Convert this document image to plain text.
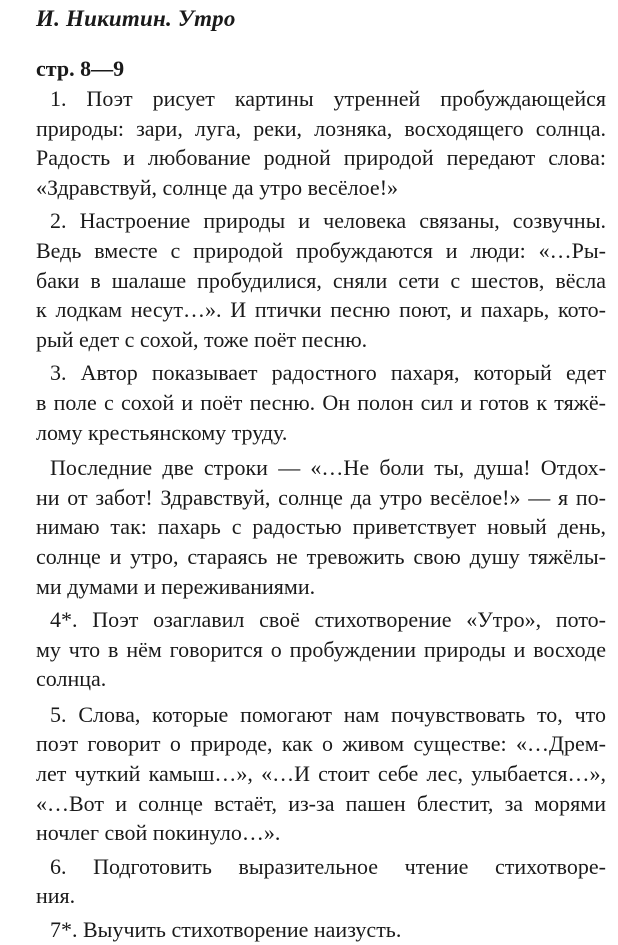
И. Никитин. Утро
стр. 8—9
1. Поэт рисует картины утренней пробуждающейся
природы: зари, луга, реки, лозняка, восходящего солнца.
Радость и любование родной природой передают слова:
«Здравствуй, солнце да утро весёлое!»
2. Настроение природы и человека связаны, созвучны.
Ведь вместе с природой пробуждаются и люди: «…Ры-
баки в шалаше пробудилися, сняли сети с шестов, вёсла
к лодкам несут…». И птички песню поют, и пахарь, кото-
рый едет с сохой, тоже поёт песню.
3. Автор показывает радостного пахаря, который едет
в поле с сохой и поёт песню. Он полон сил и готов к тяжё-
лому крестьянскому труду.
Последние две строки — «…Не боли ты, душа! Отдох-
ни от забот! Здравствуй, солнце да утро весёлое!» — я по-
нимаю так: пахарь с радостью приветствует новый день,
солнце и утро, стараясь не тревожить свою душу тяжёлы-
ми думами и переживаниями.
4*. Поэт озаглавил своё стихотворение «Утро», пото-
му что в нём говорится о пробуждении природы и восходе
солнца.
5. Слова, которые помогают нам почувствовать то, что
поэт говорит о природе, как о живом существе: «…Дрем-
лет чуткий камыш…», «…И стоит себе лес, улыбается…»,
«…Вот и солнце встаёт, из-за пашен блестит, за морями
ночлег свой покинуло…».
6. Подготовить выразительное чтение стихотворе-
ния.
7*. Выучить стихотворение наизусть.
